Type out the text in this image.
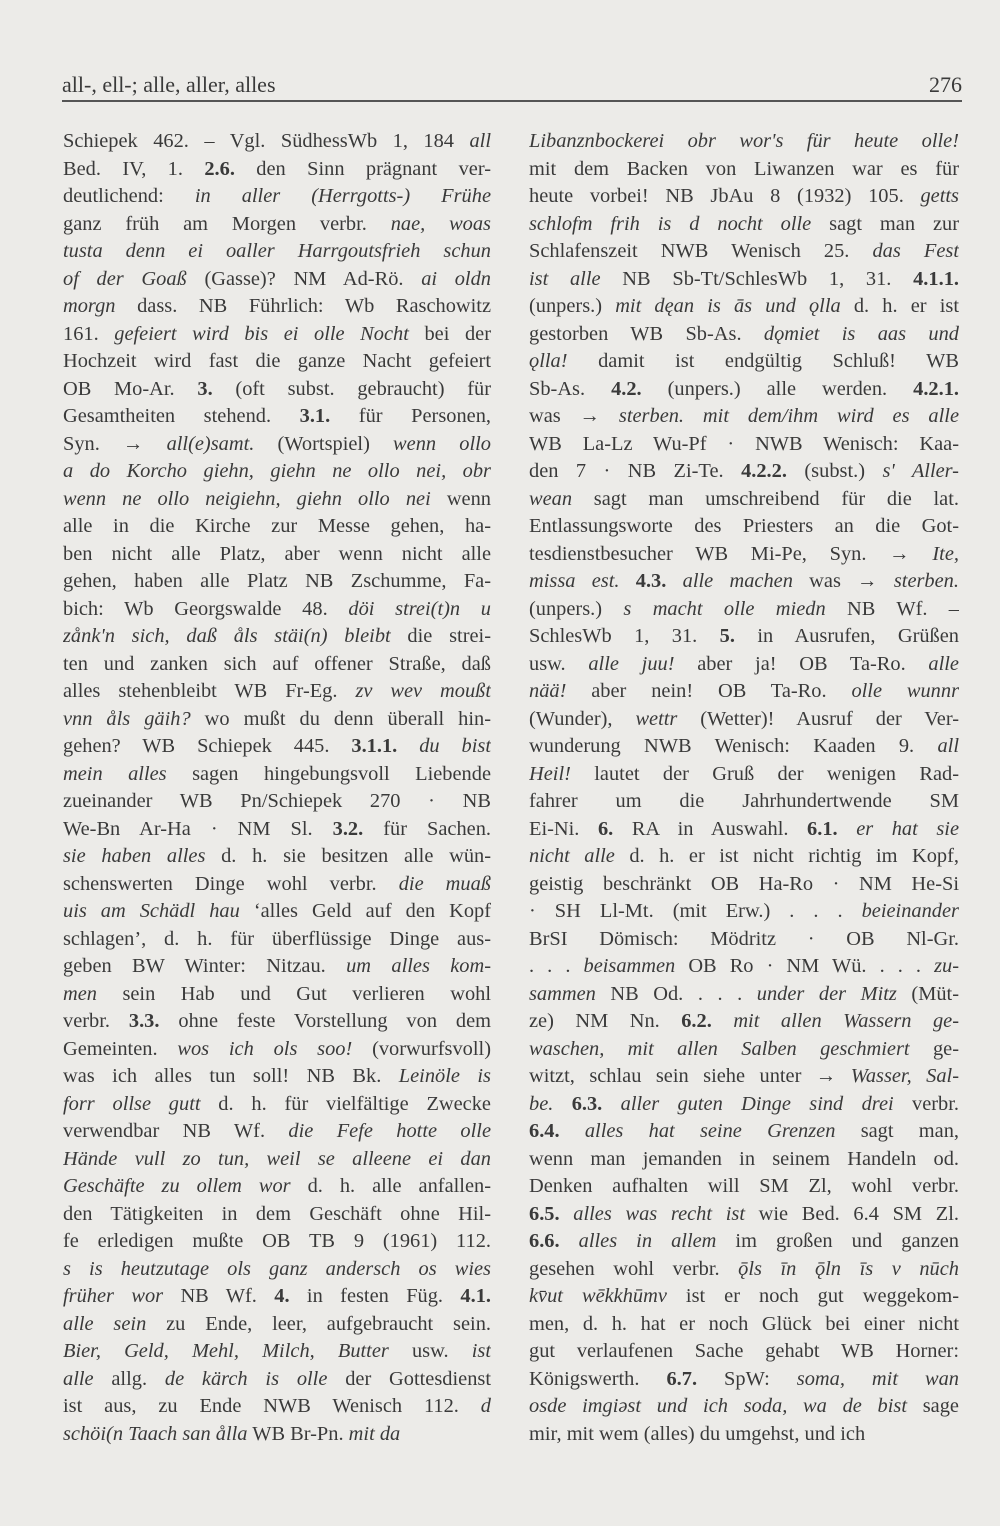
all-, ell-; alle, aller, alles	276
Schiepek 462. – Vgl. SüdhessWb 1, 184 all
Bed. IV, 1. 2.6. den Sinn prägnant ver-
deutlichend: in aller (Herrgotts-) Frühe
ganz früh am Morgen verbr. nae, woas
tusta denn ei oaller Harrgoutsfrieh schun
of der Goaß (Gasse)? NM Ad-Rö. ai oldn
morgn dass. NB Führlich: Wb Raschowitz
161. gefeiert wird bis ei olle Nocht bei der
Hochzeit wird fast die ganze Nacht gefeiert
OB Mo-Ar. 3. (oft subst. gebraucht) für
Gesamtheiten stehend. 3.1. für Personen,
Syn. → all(e)samt. (Wortspiel) wenn ollo
a do Korcho giehn, giehn ne ollo nei, obr
wenn ne ollo neigiehn, giehn ollo nei wenn
alle in die Kirche zur Messe gehen, ha-
ben nicht alle Platz, aber wenn nicht alle
gehen, haben alle Platz NB Zschumme, Fa-
bich: Wb Georgswalde 48. döi strei(t)n u
zånk'n sich, daß åls stäi(n) bleibt die strei-
ten und zanken sich auf offener Straße, daß
alles stehenbleibt WB Fr-Eg. zv wev moußt
vnn åls gäih? wo mußt du denn überall hin-
gehen? WB Schiepek 445. 3.1.1. du bist
mein alles sagen hingebungsvoll Liebende
zueinander WB Pn/Schiepek 270 · NB
We-Bn Ar-Ha · NM Sl. 3.2. für Sachen.
sie haben alles d. h. sie besitzen alle wün-
schenswerten Dinge wohl verbr. die muaß
uis am Schädl hau ‘alles Geld auf den Kopf
schlagen’, d. h. für überflüssige Dinge aus-
geben BW Winter: Nitzau. um alles kom-
men sein Hab und Gut verlieren wohl
verbr. 3.3. ohne feste Vorstellung von dem
Gemeinten. wos ich ols soo! (vorwurfsvoll)
was ich alles tun soll! NB Bk. Leinöle is
forr ollse gutt d. h. für vielfältige Zwecke
verwendbar NB Wf. die Fefe hotte olle
Hände vull zo tun, weil se alleene ei dan
Geschäfte zu ollem wor d. h. alle anfallen-
den Tätigkeiten in dem Geschäft ohne Hil-
fe erledigen mußte OB TB 9 (1961) 112.
s is heutzutage ols ganz andersch os wies
früher wor NB Wf. 4. in festen Füg. 4.1.
alle sein zu Ende, leer, aufgebraucht sein.
Bier, Geld, Mehl, Milch, Butter usw. ist
alle allg. de kärch is olle der Gottesdienst
ist aus, zu Ende NWB Wenisch 112. d
schöi(n Taach san ålla WB Br-Pn. mit da
Libanznbockerei obr wor's für heute olle!
mit dem Backen von Liwanzen war es für
heute vorbei! NB JbAu 8 (1932) 105. getts
schlofm frih is d nocht olle sagt man zur
Schlafenszeit NWB Wenisch 25. das Fest
ist alle NB Sb-Tt/SchlesWb 1, 31. 4.1.1.
(unpers.) mit dęan is ās und ǫlla d. h. er ist
gestorben WB Sb-As. dǫmiet is aas und
ǫlla! damit ist endgültig Schluß! WB
Sb-As. 4.2. (unpers.) alle werden. 4.2.1.
was → sterben. mit dem/ihm wird es alle
WB La-Lz Wu-Pf · NWB Wenisch: Kaa-
den 7 · NB Zi-Te. 4.2.2. (subst.) s' Aller-
wean sagt man umschreibend für die lat.
Entlassungsworte des Priesters an die Got-
tesdienstbesucher WB Mi-Pe, Syn. → Ite,
missa est. 4.3. alle machen was → sterben.
(unpers.) s macht olle miedn NB Wf. –
SchlesWb 1, 31. 5. in Ausrufen, Grüßen
usw. alle juu! aber ja! OB Ta-Ro. alle
nää! aber nein! OB Ta-Ro. olle wunnr
(Wunder), wettr (Wetter)! Ausruf der Ver-
wunderung NWB Wenisch: Kaaden 9. all
Heil! lautet der Gruß der wenigen Rad-
fahrer um die Jahrhundertwende SM
Ei-Ni. 6. RA in Auswahl. 6.1. er hat sie
nicht alle d. h. er ist nicht richtig im Kopf,
geistig beschränkt OB Ha-Ro · NM He-Si
· SH Ll-Mt. (mit Erw.) . . . beieinander
BrSI Dömisch: Mödritz · OB Nl-Gr.
. . . beisammen OB Ro · NM Wü. . . . zu-
sammen NB Od. . . . under der Mitz (Müt-
ze) NM Nn. 6.2. mit allen Wassern ge-
waschen, mit allen Salben geschmiert ge-
witzt, schlau sein siehe unter → Wasser, Sal-
be. 6.3. aller guten Dinge sind drei verbr.
6.4. alles hat seine Grenzen sagt man,
wenn man jemanden in seinem Handeln od.
Denken aufhalten will SM Zl, wohl verbr.
6.5. alles was recht ist wie Bed. 6.4 SM Zl.
6.6. alles in allem im großen und ganzen
gesehen wohl verbr. ǭls īn ǭln īs v nūch
kv̄ut wēkkhūmv ist er noch gut weggekom-
men, d. h. hat er noch Glück bei einer nicht
gut verlaufenen Sache gehabt WB Horner:
Königswerth. 6.7. SpW: soma, mit wan
osde imgiəst und ich soda, wa de bist sage
mir, mit wem (alles) du umgehst, und ich
